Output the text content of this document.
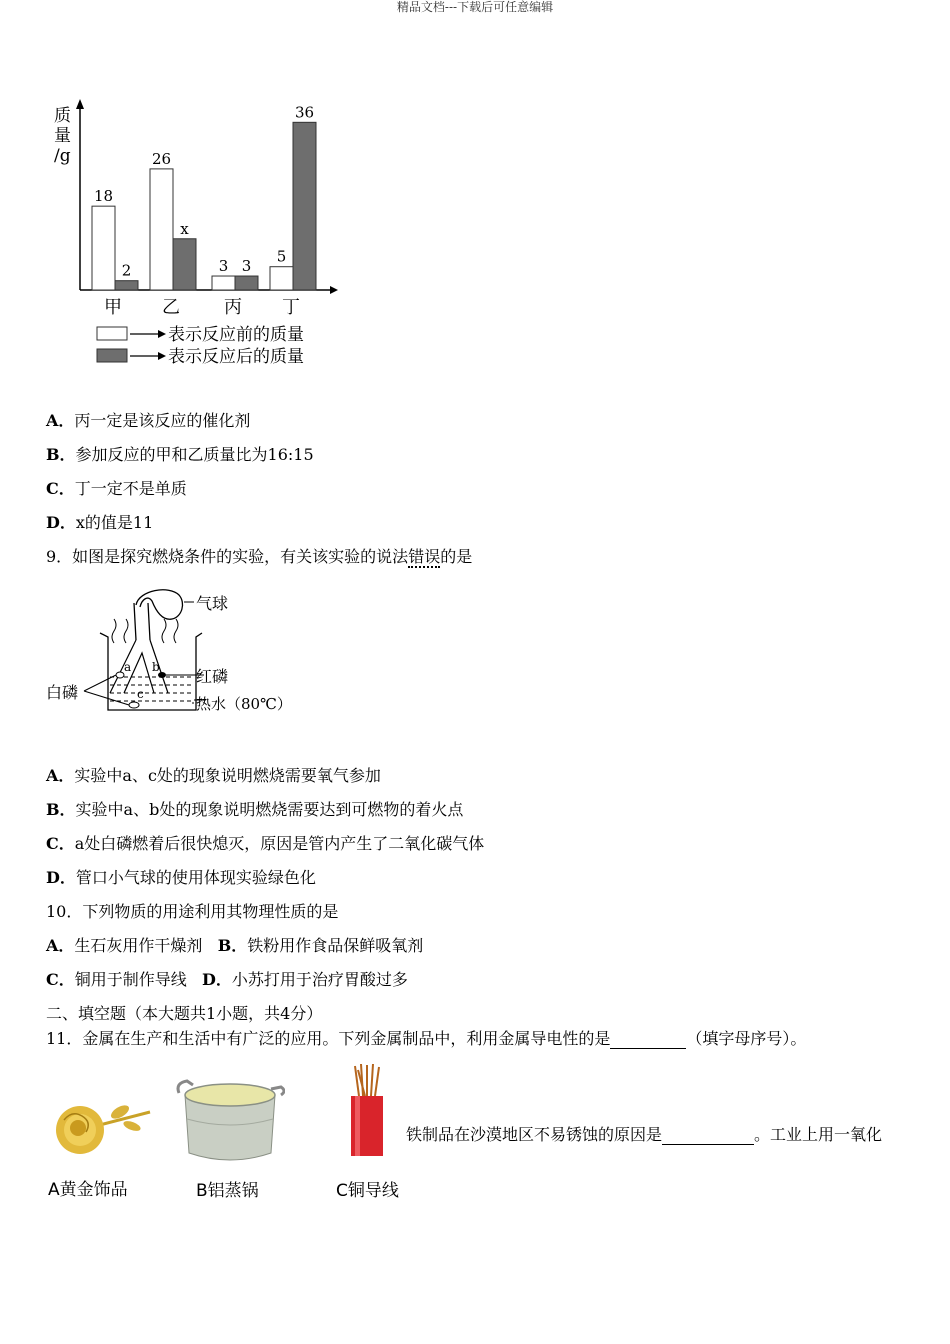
精品文档---下载后可任意编辑
质
量
/g
18
26
3
5
2
x
3
36
甲 乙 丙 丁
表示反应前的质量
表示反应后的质量
A．丙一定是该反应的催化剂
B．参加反应的甲和乙质量比为16:15
C．丁一定不是单质
D．x的值是11
9．如图是探究燃烧条件的实验，有关该实验的说法错误的是
a b
c
气球
红磷
白磷
热水（80℃）
A．实验中a、c处的现象说明燃烧需要氧气参加
B．实验中a、b处的现象说明燃烧需要达到可燃物的着火点
C．a处白磷燃着后很快熄灭，原因是管内产生了二氧化碳气体
D．管口小气球的使用体现实验绿色化
10．下列物质的用途利用其物理性质的是
A．生石灰用作干燥剂 B．铁粉用作食品保鲜吸氧剂
C．铜用于制作导线 D．小苏打用于治疗胃酸过多
二、填空题（本大题共1小题，共4分）
11．金属在生产和生活中有广泛的应用。下列金属制品中，利用金属导电性的是	（填字母序号）。
A黄金饰品	B铝蒸锅	C铜导线
铁制品在沙漠地区不易锈蚀的原因是	。工业上用一氧化
